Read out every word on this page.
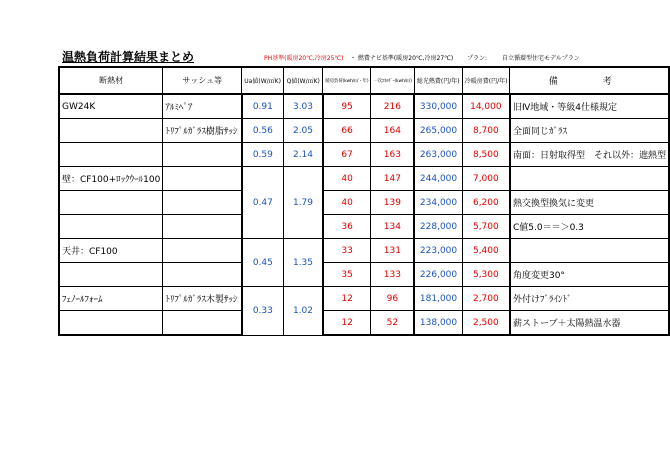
温熱負荷計算結果まとめ	PH基準(暖房20℃,冷房25℃) ・ 燃費ナビ基準(暖房20℃,冷房27℃) プラン: 自立循環型住宅モデルプラン
断熱材	サッシュ等	Ua値(W/㎡K)	Q値(W/㎡K)	暖房負荷(kwh/㎡・年)	一次ｴﾈﾙｷﾞｰ(kwh/㎡)	総光熱費(円/年)	冷暖房費(円/年)	備　考
GW24K	ｱﾙﾐﾍﾟｱ	0.91	3.03	95	216	330,000	14,000	旧Ⅳ地域・等級4仕様規定
	ﾄﾘﾌﾟﾙｶﾞﾗｽ樹脂ｻｯｼ	0.56	2.05	66	164	265,000	8,700	全面同じｶﾞﾗｽ
		0.59	2.14	67	163	263,000	8,500	南面：日射取得型　それ以外：遮熱型
壁：CF100+ﾛｯｸｳｰﾙ100		0.47	1.79	40	147	244,000	7,000	
				40	139	234,000	6,200	熱交換型換気に変更
				36	134	228,000	5,700	C値5.0＝＝＞0.3
天井：CF100		0.45	1.35	33	131	223,000	5,400	
				35	133	226,000	5,300	角度変更30°
ﾌｪﾉｰﾙﾌｫｰﾑ	ﾄﾘﾌﾟﾙｶﾞﾗｽ木製ｻｯｼ	0.33	1.02	12	96	181,000	2,700	外付けﾌﾞﾗｲﾝﾄﾞ
				12	52	138,000	2,500	薪ストーブ＋太陽熱温水器
